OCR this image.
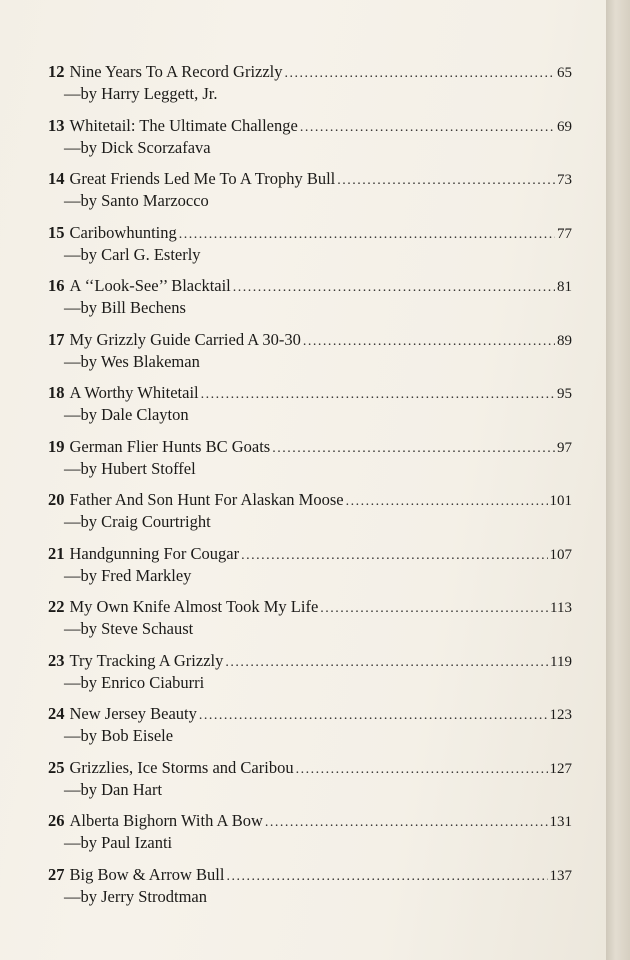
12 Nine Years To A Record Grizzly . . .	65
—by Harry Leggett, Jr.
13 Whitetail: The Ultimate Challenge . . .	69
—by Dick Scorzafava
14 Great Friends Led Me To A Trophy Bull . . .	73
—by Santo Marzocco
15 Caribowhunting . . .	77
—by Carl G. Esterly
16 A ‘‘Look-See’’ Blacktail . . .	81
—by Bill Bechens
17 My Grizzly Guide Carried A 30-30 . . .	89
—by Wes Blakeman
18 A Worthy Whitetail . . .	95
—by Dale Clayton
19 German Flier Hunts BC Goats . . .	97
—by Hubert Stoffel
20 Father And Son Hunt For Alaskan Moose . . .	101
—by Craig Courtright
21 Handgunning For Cougar . . .	107
—by Fred Markley
22 My Own Knife Almost Took My Life . . .	113
—by Steve Schaust
23 Try Tracking A Grizzly . . .	119
—by Enrico Ciaburri
24 New Jersey Beauty . . .	123
—by Bob Eisele
25 Grizzlies, Ice Storms and Caribou . . .	127
—by Dan Hart
26 Alberta Bighorn With A Bow . . .	131
—by Paul Izanti
27 Big Bow & Arrow Bull . . .	137
—by Jerry Strodtman
